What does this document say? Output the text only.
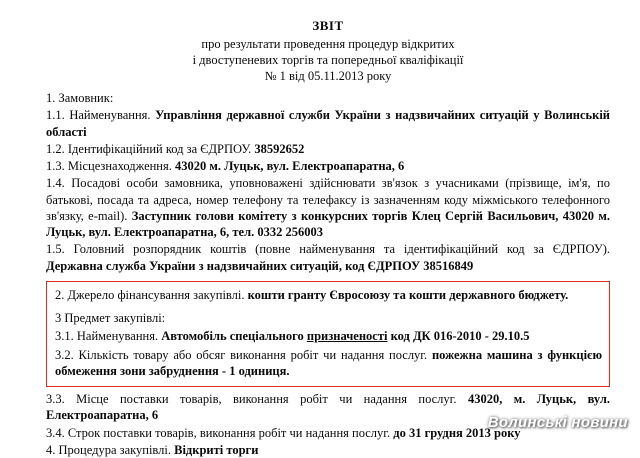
ЗВІТ
про результати проведення процедур відкритих
і двоступеневих торгів та попередньої кваліфікації
№ 1 від 05.11.2013 року
1. Замовник:

1.1. Найменування. Управління державної служби України з надзвичайних ситуацій у Волинській області

1.2. Ідентифікаційний код за ЄДРПОУ. 38592652

1.3. Місцезнаходження. 43020 м. Луцьк, вул. Електроапаратна, 6

1.4. Посадові особи замовника, уповноважені здійснювати зв'язок з учасниками (прізвище, ім'я, по батькові, посада та адреса, номер телефону та телефаксу із зазначенням коду міжміського телефонного зв'язку, e-mail). Заступник голови комітету з конкурсних торгів Клец Сергій Васильович, 43020 м. Луцьк, вул. Електроапаратна, 6, тел. 0332 256003

1.5. Головний розпорядник коштів (повне найменування та ідентифікаційний код за ЄДРПОУ). Державна служба України з надзвичайних ситуацій, код ЄДРПОУ 38516849

2. Джерело фінансування закупівлі. кошти гранту Євросоюзу та кошти державного бюджету.

3 Предмет закупівлі:

3.1. Найменування. Автомобіль спеціального призначеності код ДК 016-2010 - 29.10.5

3.2. Кількість товару або обсяг виконання робіт чи надання послуг. пожежна машина з функцією обмеження зони забруднення - 1 одиниця.

3.3. Місце поставки товарів, виконання робіт чи надання послуг. 43020, м. Луцьк, вул. Електроапаратна, 6

3.4. Строк поставки товарів, виконання робіт чи надання послуг. до 31 грудня 2013 року

4. Процедура закупівлі. Відкриті торги

Волинські новини
